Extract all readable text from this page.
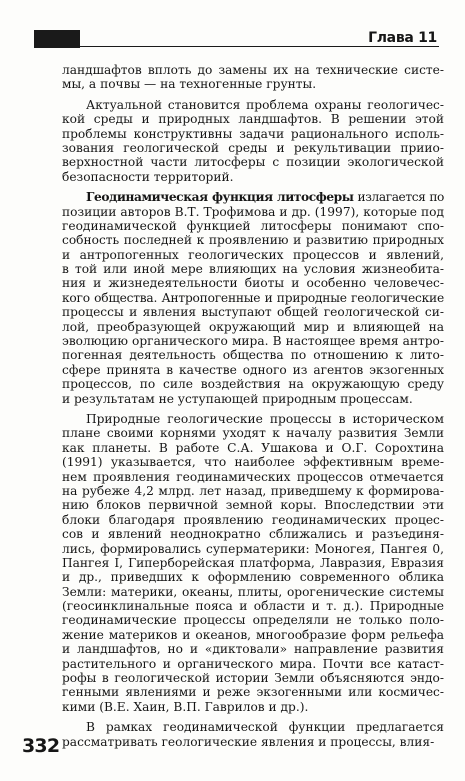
Глава 11
ландшафтов вплоть до замены их на технические систе-
мы, а почвы — на техногенные грунты.
Актуальной становится проблема охраны геологичес-
кой среды и природных ландшафтов. В решении этой
проблемы конструктивны задачи рационального исполь-
зования геологической среды и рекультивации приио-
верхностной части литосферы с позиции экологической
безопасности территорий.
Геодинамическая функция литосферы излагается по
позиции авторов В.Т. Трофимова и др. (1997), которые под
геодинамической функцией литосферы понимают спо-
собность последней к проявлению и развитию природных
и антропогенных геологических процессов и явлений,
в той или иной мере влияющих на условия жизнеобита-
ния и жизнедеятельности биоты и особенно человечес-
кого общества. Антропогенные и природные геологические
процессы и явления выступают общей геологической си-
лой, преобразующей окружающий мир и влияющей на
эволюцию органического мира. В настоящее время антро-
погенная деятельность общества по отношению к лито-
сфере принята в качестве одного из агентов экзогенных
процессов, по силе воздействия на окружающую среду
и результатам не уступающей природным процессам.
Природные геологические процессы в историческом
плане своими корнями уходят к началу развития Земли
как планеты. В работе С.А. Ушакова и О.Г. Сорохтина
(1991) указывается, что наиболее эффективным време-
нем проявления геодинамических процессов отмечается
на рубеже 4,2 млрд. лет назад, приведшему к формирова-
нию блоков первичной земной коры. Впоследствии эти
блоки благодаря проявлению геодинамических процес-
сов и явлений неоднократно сближались и разъединя-
лись, формировались суперматерики: Моногея, Пангея 0,
Пангея I, Гиперборейская платформа, Лавразия, Евразия
и др., приведших к оформлению современного облика
Земли: материки, океаны, плиты, орогенические системы
(геосинклинальные пояса и области и т. д.). Природные
геодинамические процессы определяли не только поло-
жение материков и океанов, многообразие форм рельефа
и ландшафтов, но и «диктовали» направление развития
растительного и органического мира. Почти все катаст-
рофы в геологической истории Земли объясняются эндо-
генными явлениями и реже экзогенными или космичес-
кими (В.Е. Хаин, В.П. Гаврилов и др.).
В рамках геодинамической функции предлагается
рассматривать геологические явления и процессы, влия-
332
